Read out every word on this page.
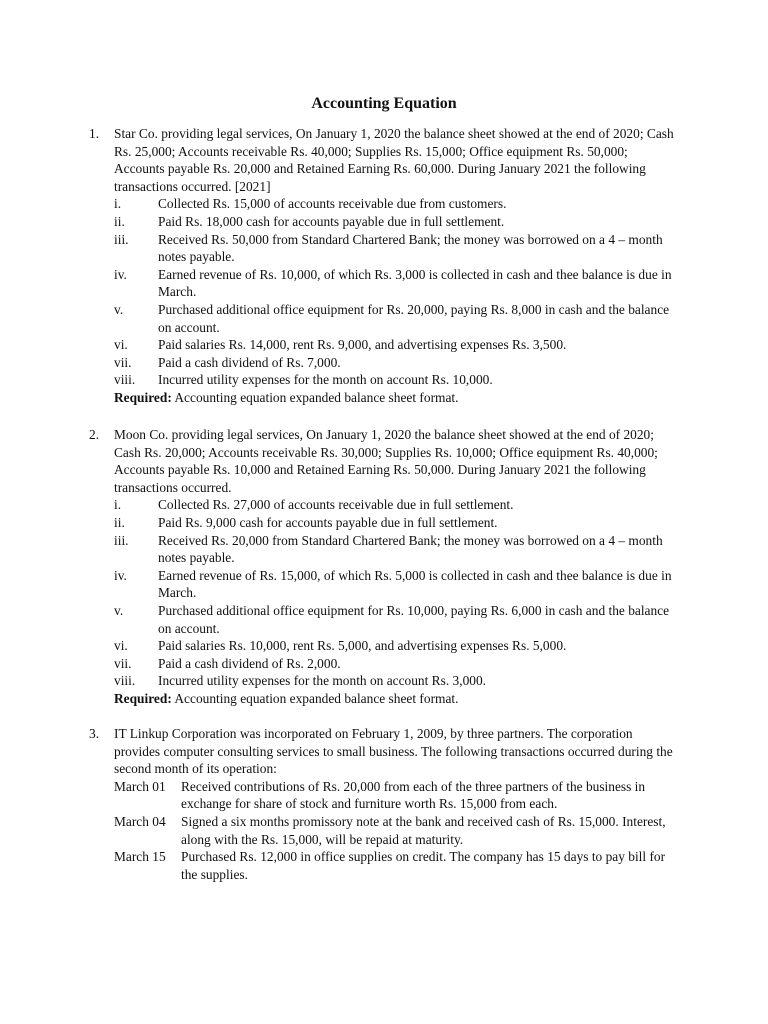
Accounting Equation
1. Star Co. providing legal services, On January 1, 2020 the balance sheet showed at the end of 2020; Cash Rs. 25,000; Accounts receivable Rs. 40,000; Supplies Rs. 15,000; Office equipment Rs. 50,000; Accounts payable Rs. 20,000 and Retained Earning Rs. 60,000. During January 2021 the following transactions occurred. [2021]

i.	Collected Rs. 15,000 of accounts receivable due from customers.
ii. Paid Rs. 18,000 cash for accounts payable due in full settlement.
iii. Received Rs. 50,000 from Standard Chartered Bank; the money was borrowed on a 4 – month notes payable.
iv. Earned revenue of Rs. 10,000, of which Rs. 3,000 is collected in cash and thee balance is due in March.
v.	Purchased additional office equipment for Rs. 20,000, paying Rs. 8,000 in cash and the balance on account.
vi. Paid salaries Rs. 14,000, rent Rs. 9,000, and advertising expenses Rs. 3,500.
vii. Paid a cash dividend of Rs. 7,000.
viii. Incurred utility expenses for the month on account Rs. 10,000.

Required: Accounting equation expanded balance sheet format.

2. Moon Co. providing legal services, On January 1, 2020 the balance sheet showed at the end of 2020; Cash Rs. 20,000; Accounts receivable Rs. 30,000; Supplies Rs. 10,000; Office equipment Rs. 40,000; Accounts payable Rs. 10,000 and Retained Earning Rs. 50,000. During January 2021 the following transactions occurred.

i.	Collected Rs. 27,000 of accounts receivable due in full settlement.
ii. Paid Rs. 9,000 cash for accounts payable due in full settlement.
iii. Received Rs. 20,000 from Standard Chartered Bank; the money was borrowed on a 4 – month notes payable.
iv. Earned revenue of Rs. 15,000, of which Rs. 5,000 is collected in cash and thee balance is due in March.
v.	Purchased additional office equipment for Rs. 10,000, paying Rs. 6,000 in cash and the balance on account.
vi. Paid salaries Rs. 10,000, rent Rs. 5,000, and advertising expenses Rs. 5,000.
vii. Paid a cash dividend of Rs. 2,000.
viii. Incurred utility expenses for the month on account Rs. 3,000.

Required: Accounting equation expanded balance sheet format.

3. IT Linkup Corporation was incorporated on February 1, 2009, by three partners. The corporation provides computer consulting services to small business. The following transactions occurred during the second month of its operation:

March 01 Received contributions of Rs. 20,000 from each of the three partners of the business in exchange for share of stock and furniture worth Rs. 15,000 from each.
March 04 Signed a six months promissory note at the bank and received cash of Rs. 15,000. Interest, along with the Rs. 15,000, will be repaid at maturity.
March 15 Purchased Rs. 12,000 in office supplies on credit. The company has 15 days to pay bill for the supplies.
